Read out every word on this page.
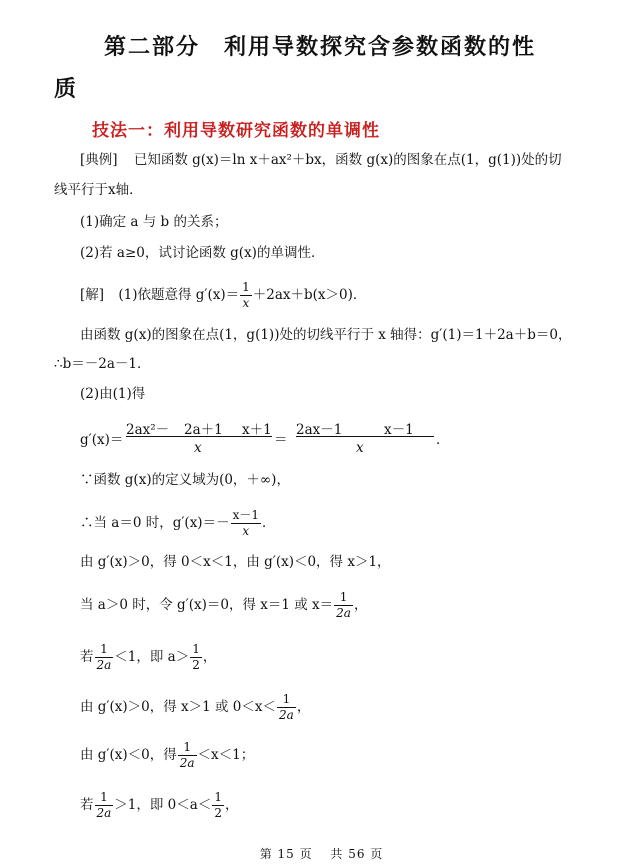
第二部分　利用导数探究含参数函数的性
质
技法一：利用导数研究函数的单调性
[典例] 已知函数 g(x)＝ln x＋ax²＋bx，函数 g(x)的图象在点(1，g(1))处的切
线平行于x轴．
(1)确定 a 与 b 的关系；
(2)若 a≥0，试讨论函数 g(x)的单调性．
[解] (1)依题意得 $g'(x)= \frac{1}{x} +2ax+b(x>0)$．
由函数 g(x)的图象在点(1，g(1))处的切线平行于 x 轴得：g′(1)＝1＋2a＋b＝0，
∴b＝－2a－1．
(2)由(1)得
g′(x)＝
2ax²－ 2a＋1 x＋1
x	＝
2ax－1	x－1
x	．
∵函数 g(x)的定义域为(0，＋∞)，
∴当 a＝0 时，$g'(x)=- \frac{x-1}{x}$ ．
由 g′(x)＞0，得 0＜x＜1，由 g′(x)＜0，得 x＞1，
当 a＞0 时，令 g′(x)＝0，得 x＝1 或 $x= \frac{1}{2a}$ ，
若 $\frac{1}{2a} <1$，即 $a> \frac{1}{2}$ ，
由 g′(x)＞0，得 x＞1 或 $0<x< \frac{1}{2a}$ ，
由 g′(x)＜0，得 $\frac{1}{2a} <x<1$；
若 $\frac{1}{2a} >1$，即 $0<a< \frac{1}{2}$ ，
第 15 页　 共 56 页
